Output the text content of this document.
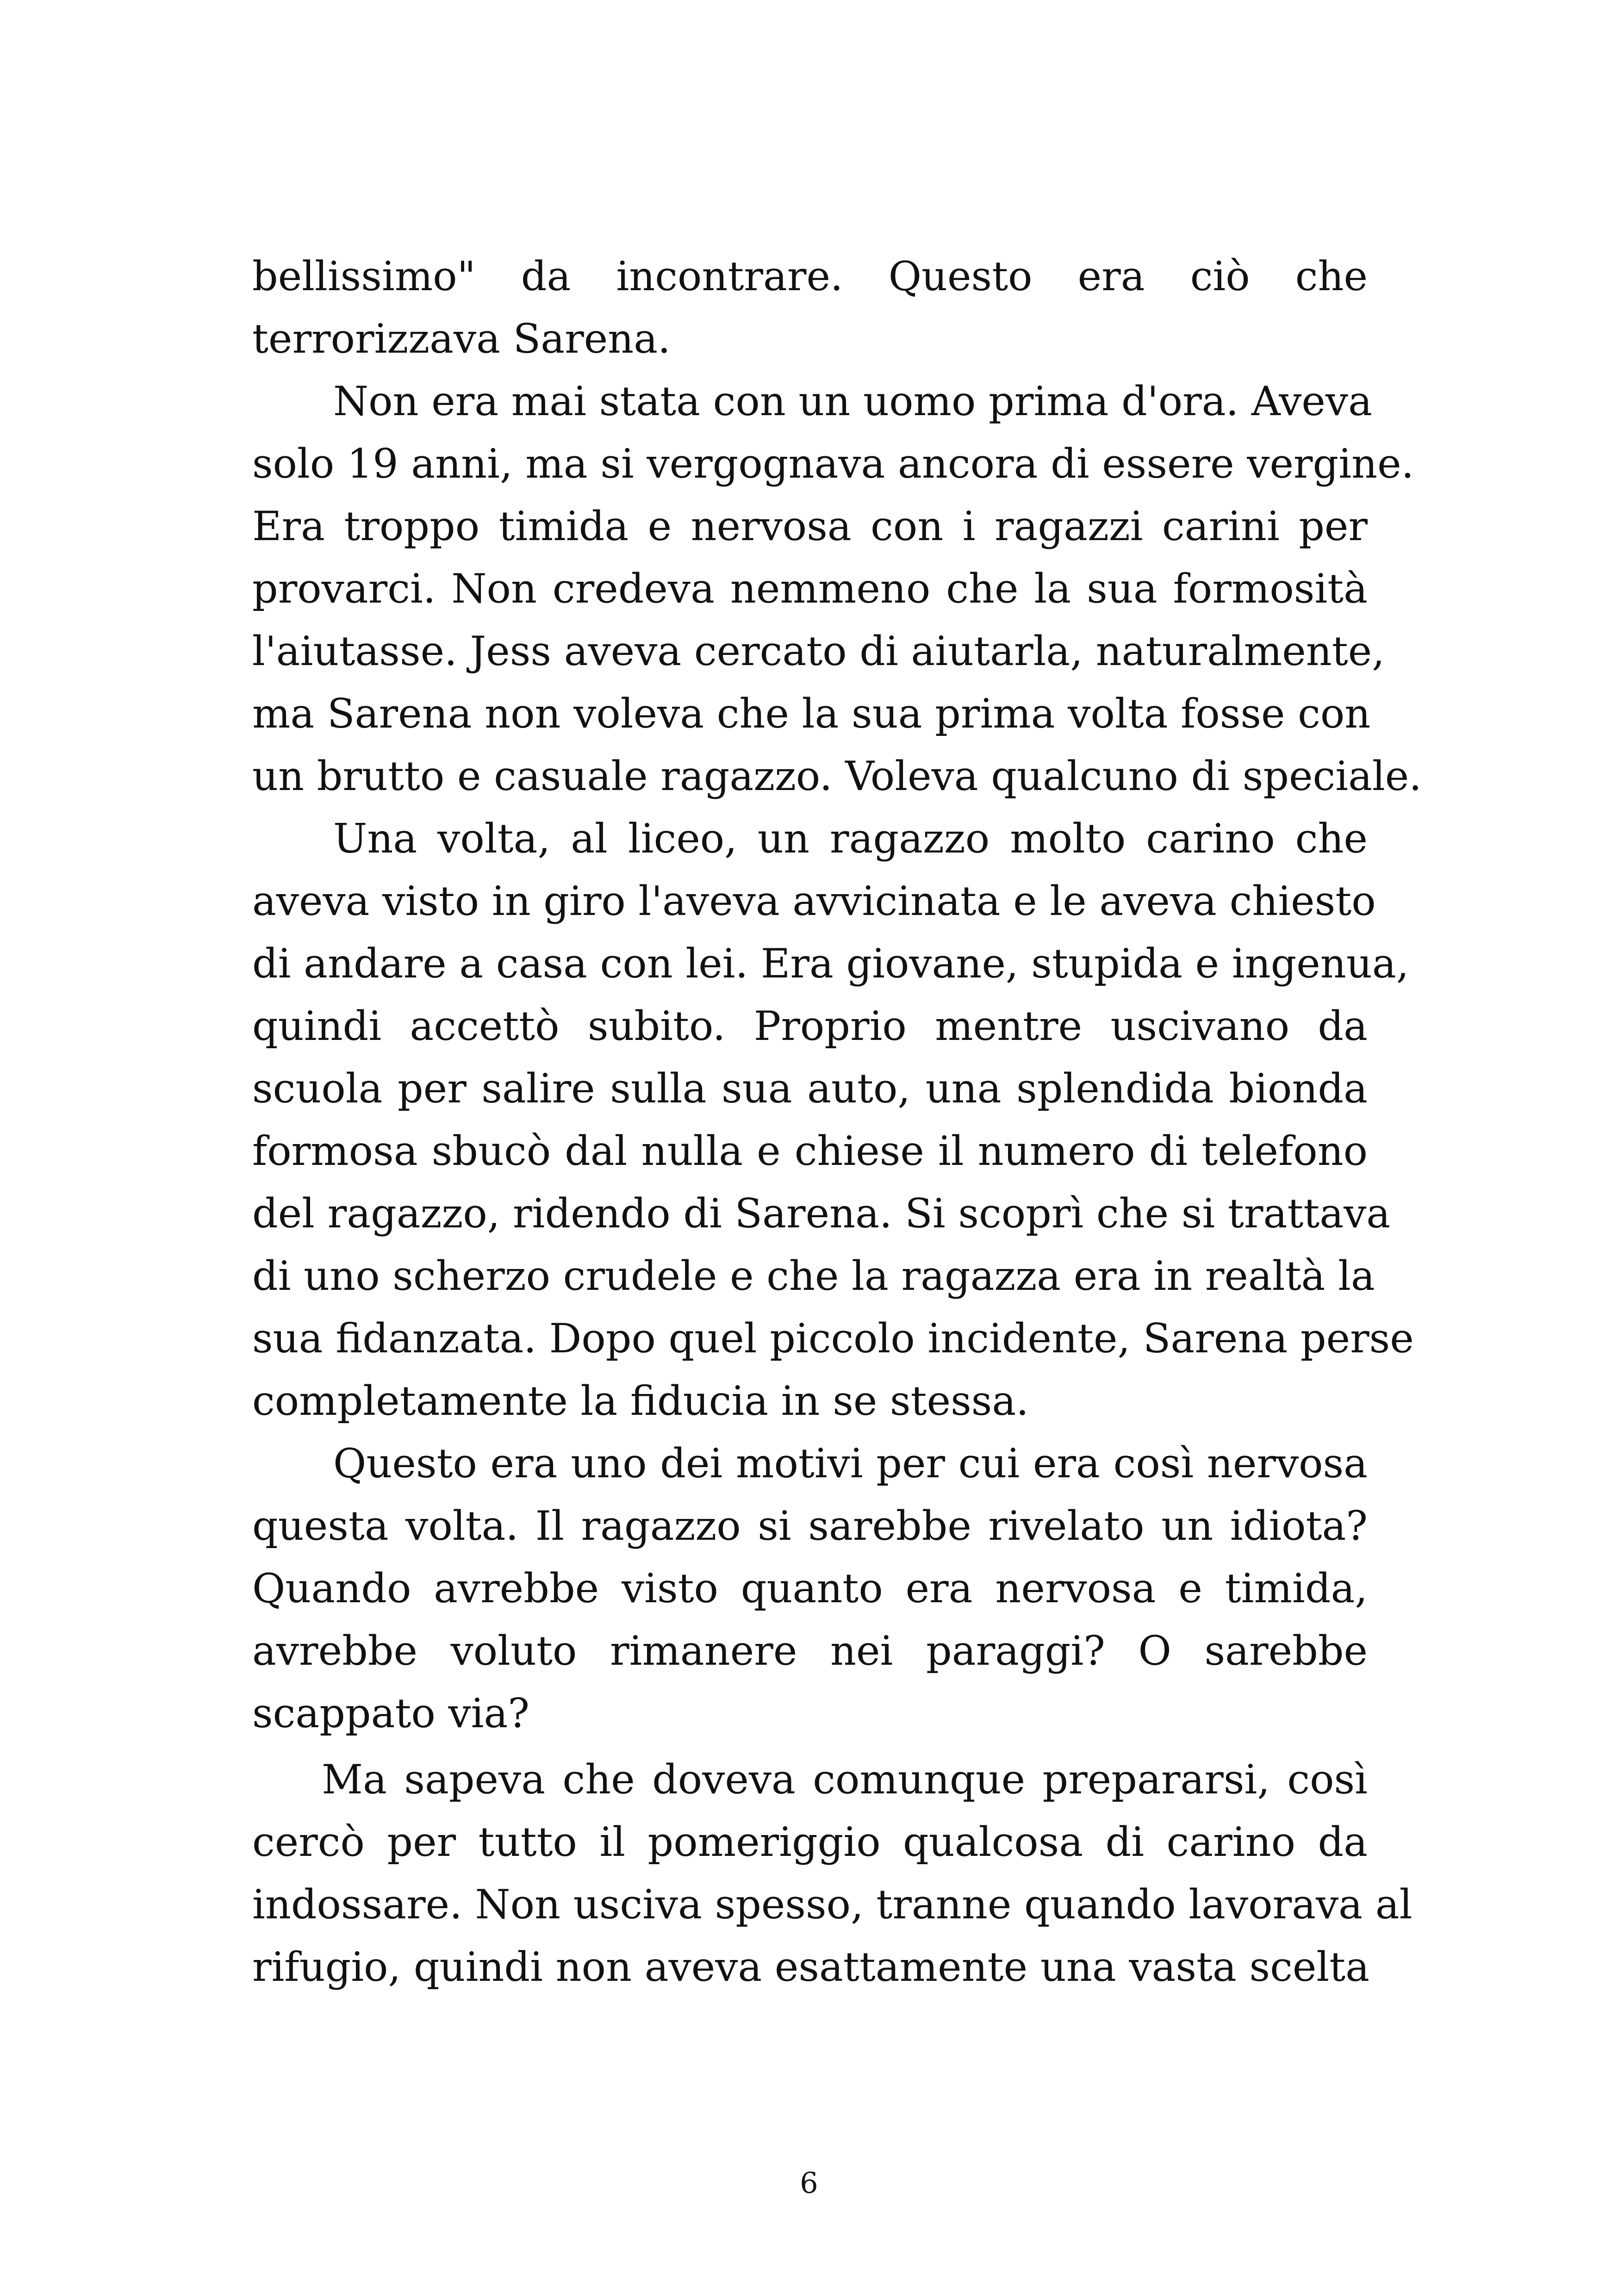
bellissimo" da incontrare. Questo era ciò che
terrorizzava Sarena.
Non era mai stata con un uomo prima d'ora. Aveva
solo 19 anni, ma si vergognava ancora di essere vergine.
Era troppo timida e nervosa con i ragazzi carini per
provarci. Non credeva nemmeno che la sua formosità
l'aiutasse. Jess aveva cercato di aiutarla, naturalmente,
ma Sarena non voleva che la sua prima volta fosse con
un brutto e casuale ragazzo. Voleva qualcuno di speciale.
Una volta, al liceo, un ragazzo molto carino che
aveva visto in giro l'aveva avvicinata e le aveva chiesto
di andare a casa con lei. Era giovane, stupida e ingenua,
quindi accettò subito. Proprio mentre uscivano da
scuola per salire sulla sua auto, una splendida bionda
formosa sbucò dal nulla e chiese il numero di telefono
del ragazzo, ridendo di Sarena. Si scoprì che si trattava
di uno scherzo crudele e che la ragazza era in realtà la
sua fidanzata. Dopo quel piccolo incidente, Sarena perse
completamente la fiducia in se stessa.
Questo era uno dei motivi per cui era così nervosa
questa volta. Il ragazzo si sarebbe rivelato un idiota?
Quando avrebbe visto quanto era nervosa e timida,
avrebbe voluto rimanere nei paraggi? O sarebbe
scappato via?
Ma sapeva che doveva comunque prepararsi, così
cercò per tutto il pomeriggio qualcosa di carino da
indossare. Non usciva spesso, tranne quando lavorava al
rifugio, quindi non aveva esattamente una vasta scelta
6
